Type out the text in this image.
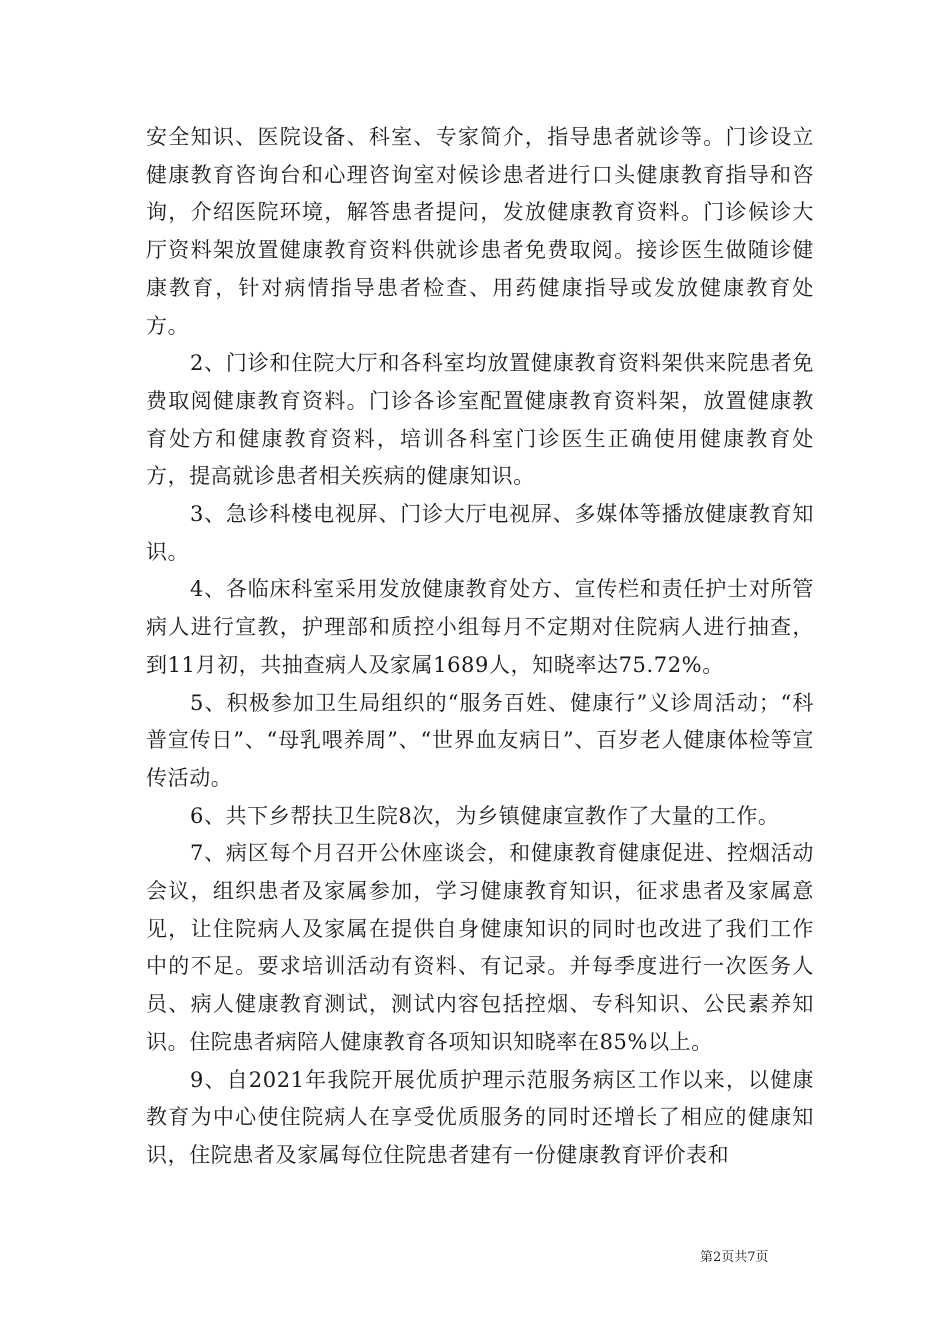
安全知识、医院设备、科室、专家简介，指导患者就诊等。门诊设立健康教育咨询台和心理咨询室对候诊患者进行口头健康教育指导和咨询，介绍医院环境，解答患者提问，发放健康教育资料。门诊候诊大厅资料架放置健康教育资料供就诊患者免费取阅。接诊医生做随诊健康教育，针对病情指导患者检查、用药健康指导或发放健康教育处方。

2、门诊和住院大厅和各科室均放置健康教育资料架供来院患者免费取阅健康教育资料。门诊各诊室配置健康教育资料架，放置健康教育处方和健康教育资料，培训各科室门诊医生正确使用健康教育处方，提高就诊患者相关疾病的健康知识。

3、急诊科楼电视屏、门诊大厅电视屏、多媒体等播放健康教育知识。

4、各临床科室采用发放健康教育处方、宣传栏和责任护士对所管病人进行宣教，护理部和质控小组每月不定期对住院病人进行抽查，到11月初，共抽查病人及家属1689人，知晓率达75.72%。

5、积极参加卫生局组织的“服务百姓、健康行”义诊周活动；“科普宣传日”、“母乳喂养周”、“世界血友病日”、百岁老人健康体检等宣传活动。

6、共下乡帮扶卫生院8次，为乡镇健康宣教作了大量的工作。

7、病区每个月召开公休座谈会，和健康教育健康促进、控烟活动会议，组织患者及家属参加，学习健康教育知识，征求患者及家属意见，让住院病人及家属在提供自身健康知识的同时也改进了我们工作中的不足。要求培训活动有资料、有记录。并每季度进行一次医务人员、病人健康教育测试，测试内容包括控烟、专科知识、公民素养知识。住院患者病陪人健康教育各项知识知晓率在85%以上。

9、自2021年我院开展优质护理示范服务病区工作以来，以健康教育为中心使住院病人在享受优质服务的同时还增长了相应的健康知识，住院患者及家属每位住院患者建有一份健康教育评价表和

第2页共7页
